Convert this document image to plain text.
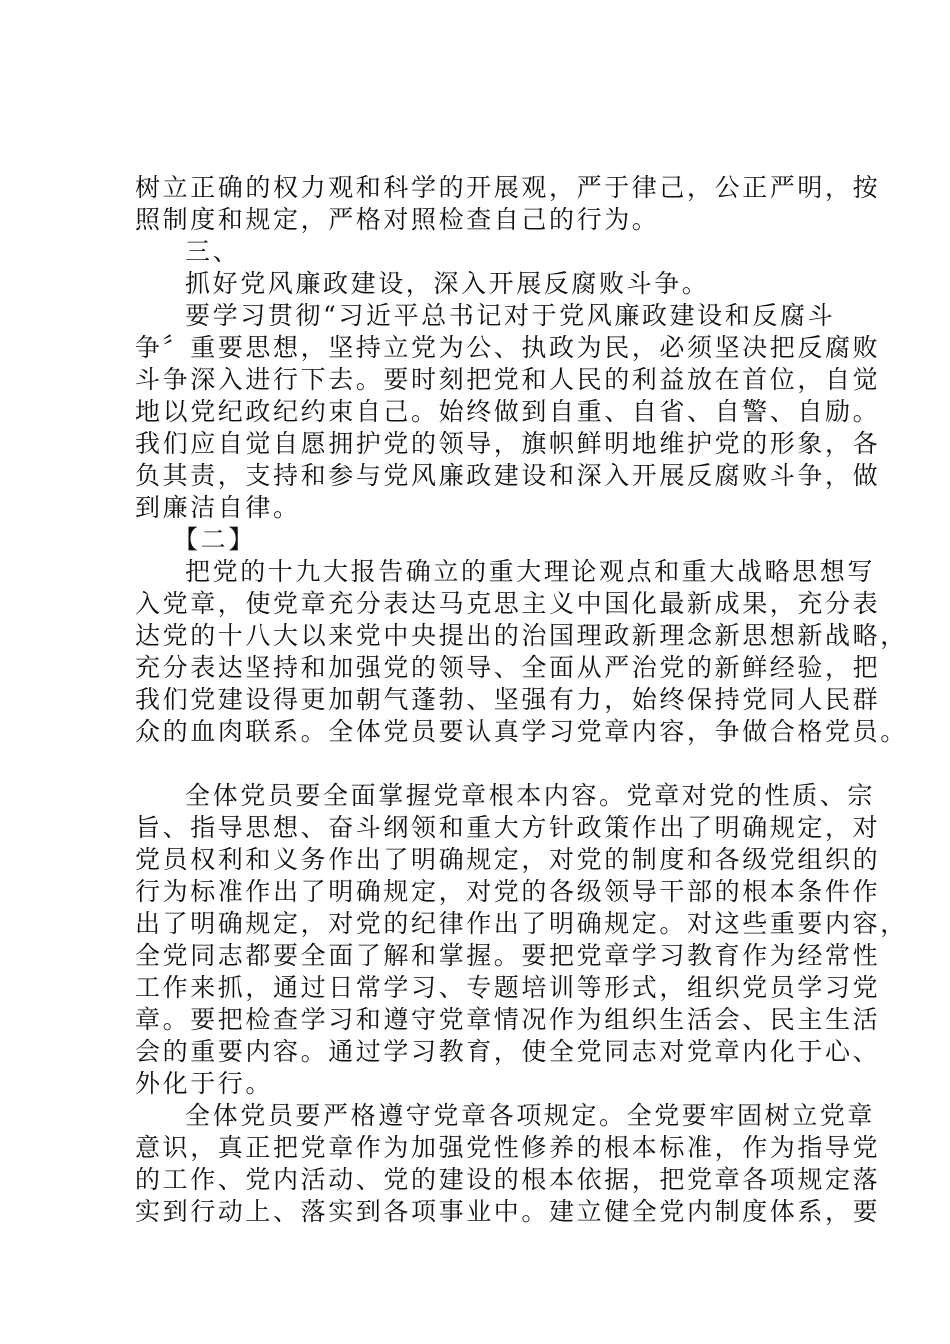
树立正确的权力观和科学的开展观，严于律己，公正严明，按
照制度和规定，严格对照检查自己的行为。
三、
抓好党风廉政建设，深入开展反腐败斗争。
要学习贯彻“习近平总书记对于党风廉政建设和反腐斗
争〞重要思想，坚持立党为公、执政为民，必须坚决把反腐败
斗争深入进行下去。要时刻把党和人民的利益放在首位，自觉
地以党纪政纪约束自己。始终做到自重、自省、自警、自励。
我们应自觉自愿拥护党的领导，旗帜鲜明地维护党的形象，各
负其责，支持和参与党风廉政建设和深入开展反腐败斗争，做
到廉洁自律。
【二】
把党的十九大报告确立的重大理论观点和重大战略思想写
入党章，使党章充分表达马克思主义中国化最新成果，充分表
达党的十八大以来党中央提出的治国理政新理念新思想新战略，
充分表达坚持和加强党的领导、全面从严治党的新鲜经验，把
我们党建设得更加朝气蓬勃、坚强有力，始终保持党同人民群
众的血肉联系。全体党员要认真学习党章内容，争做合格党员。
全体党员要全面掌握党章根本内容。党章对党的性质、宗
旨、指导思想、奋斗纲领和重大方针政策作出了明确规定，对
党员权利和义务作出了明确规定，对党的制度和各级党组织的
行为标准作出了明确规定，对党的各级领导干部的根本条件作
出了明确规定，对党的纪律作出了明确规定。对这些重要内容，
全党同志都要全面了解和掌握。要把党章学习教育作为经常性
工作来抓，通过日常学习、专题培训等形式，组织党员学习党
章。要把检查学习和遵守党章情况作为组织生活会、民主生活
会的重要内容。通过学习教育，使全党同志对党章内化于心、
外化于行。
全体党员要严格遵守党章各项规定。全党要牢固树立党章
意识，真正把党章作为加强党性修养的根本标准，作为指导党
的工作、党内活动、党的建设的根本依据，把党章各项规定落
实到行动上、落实到各项事业中。建立健全党内制度体系，要
